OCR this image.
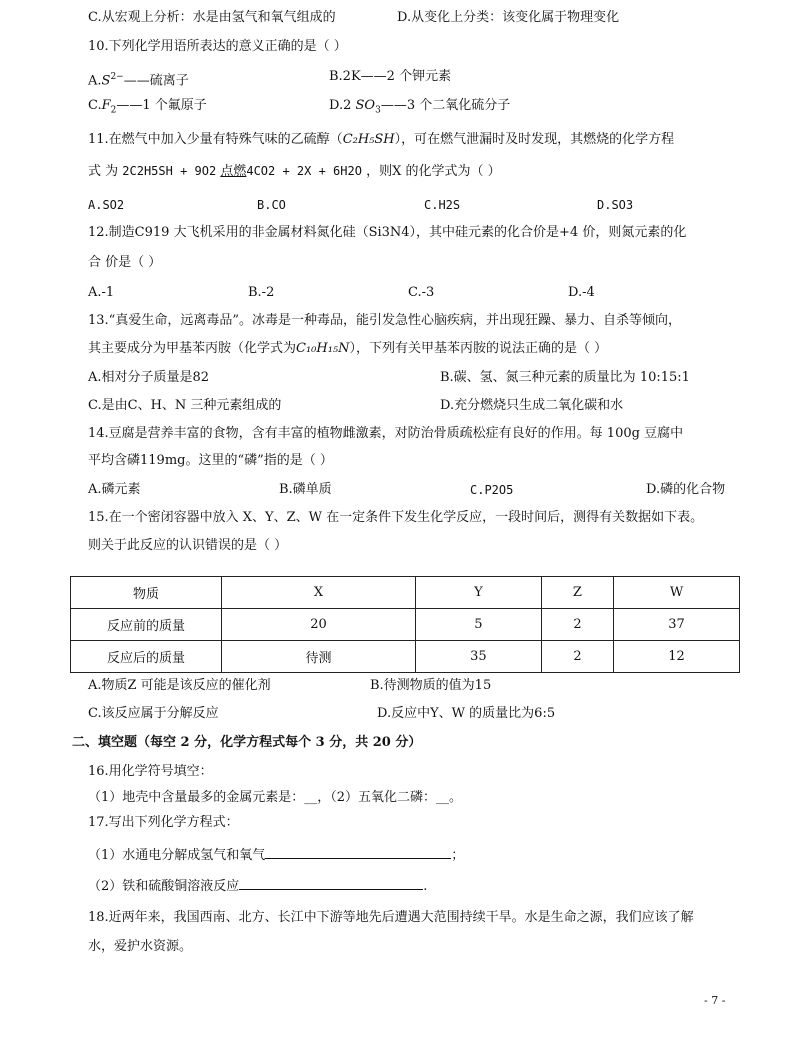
C.从宏观上分析：水是由氢气和氧气组成的	D.从变化上分类：该变化属于物理变化
10.下列化学用语所表达的意义正确的是（ ）
$A.S^{2-}——$硫离子	B.2K——2 个钾元素
$C.F_2——1$ 个氟原子	D.2 $SO_3——3$ 个二氧化硫分子
11.在燃气中加入少量有特殊气味的乙硫醇（C₂H₅SH），可在燃气泄漏时及时发现，其燃烧的化学方程
式 为 2C2H5SH + 9O2 点燃4CO2 + 2X + 6H2O ，则X 的化学式为（ ）
A.SO2	B.CO	C.H2S	D.SO3
12.制造C919 大飞机采用的非金属材料氮化硅（Si3N4），其中硅元素的化合价是+4 价，则氮元素的化
合 价是（ ）
A.-1	B.-2	C.-3	D.-4
13.“真爱生命，远离毒品”。冰毒是一种毒品，能引发急性心脑疾病，并出现狂躁、暴力、自杀等倾向，
其主要成分为甲基苯丙胺（化学式为C₁₀H₁₅N），下列有关甲基苯丙胺的说法正确的是（ ）
A.相对分子质量是82	B.碳、氢、氮三种元素的质量比为 10:15:1
C.是由C、H、N 三种元素组成的	D.充分燃烧只生成二氧化碳和水
14.豆腐是营养丰富的食物，含有丰富的植物雌激素，对防治骨质疏松症有良好的作用。每 100g 豆腐中
平均含磷119mg。这里的“磷”指的是（ ）
A.磷元素	B.磷单质	C.P2O5	D.磷的化合物
15.在一个密闭容器中放入 X、Y、Z、W 在一定条件下发生化学反应，一段时间后，测得有关数据如下表。
则关于此反应的认识错误的是（ ）
物质	X	Y	Z	W
反应前的质量	20	5	2	37
反应后的质量	待测	35	2	12
A.物质Z 可能是该反应的催化剂	B.待测物质的值为15
C.该反应属于分解反应	D.反应中Y、W 的质量比为6:5
二、填空题（每空 2 分，化学方程式每个 3 分，共 20 分）
16.用化学符号填空：
（1）地壳中含量最多的金属元素是：__，（2）五氧化二磷：__。
17.写出下列化学方程式：
（1）水通电分解成氢气和氧气	；
（2）铁和硫酸铜溶液反应	.
18.近两年来，我国西南、北方、长江中下游等地先后遭遇大范围持续干旱。水是生命之源，我们应该了解
水，爱护水资源。
- 7 -
